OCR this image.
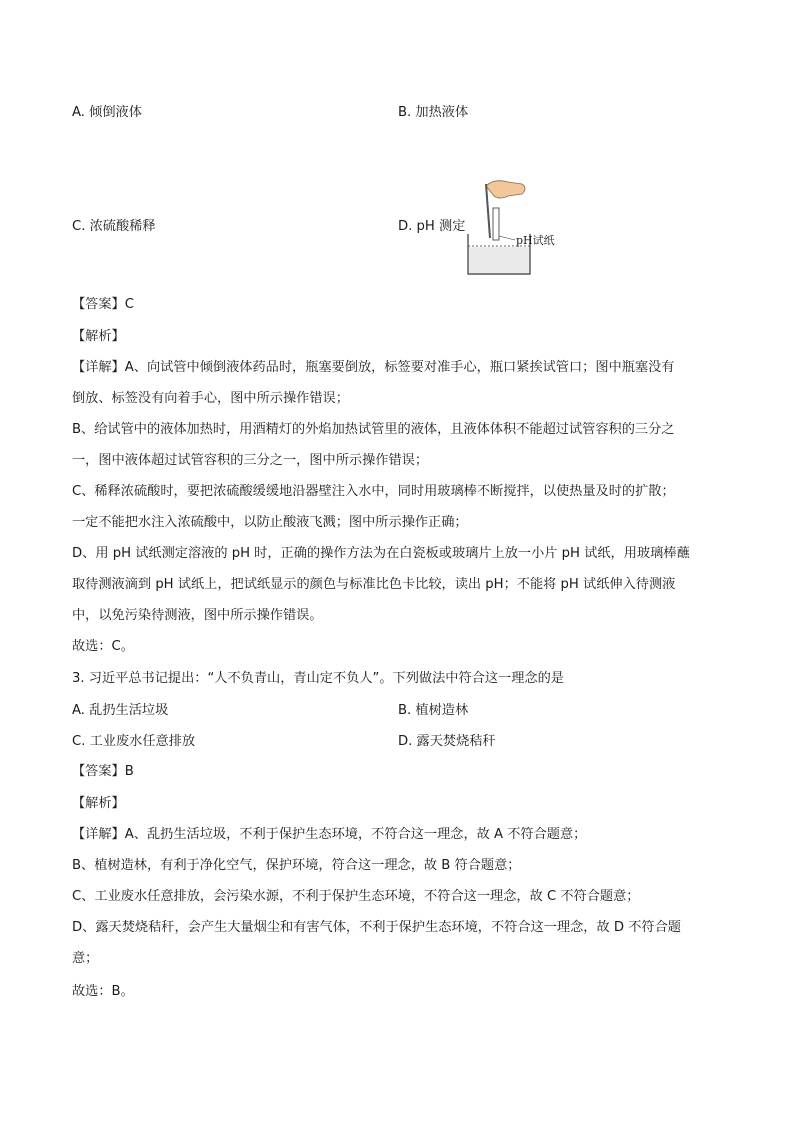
A. 倾倒液体	B. 加热液体
C. 浓硫酸稀释	D. pH 测定
pH试纸
【答案】C
【解析】
【详解】A、向试管中倾倒液体药品时，瓶塞要倒放，标签要对准手心，瓶口紧挨试管口；图中瓶塞没有
倒放、标签没有向着手心，图中所示操作错误；
B、给试管中的液体加热时，用酒精灯的外焰加热试管里的液体，且液体体积不能超过试管容积的三分之
一，图中液体超过试管容积的三分之一，图中所示操作错误；
C、稀释浓硫酸时，要把浓硫酸缓缓地沿器壁注入水中，同时用玻璃棒不断搅拌，以使热量及时的扩散；
一定不能把水注入浓硫酸中，以防止酸液飞溅；图中所示操作正确；
D、用 pH 试纸测定溶液的 pH 时，正确的操作方法为在白瓷板或玻璃片上放一小片 pH 试纸，用玻璃棒蘸
取待测液滴到 pH 试纸上，把试纸显示的颜色与标准比色卡比较，读出 pH；不能将 pH 试纸伸入待测液
中，以免污染待测液，图中所示操作错误。
故选：C。
3. 习近平总书记提出：“人不负青山，青山定不负人”。下列做法中符合这一理念的是
A. 乱扔生活垃圾	B. 植树造林
C. 工业废水任意排放	D. 露天焚烧秸秆
【答案】B
【解析】
【详解】A、乱扔生活垃圾，不利于保护生态环境，不符合这一理念，故 A 不符合题意；
B、植树造林，有利于净化空气，保护环境，符合这一理念，故 B 符合题意；
C、工业废水任意排放，会污染水源，不利于保护生态环境，不符合这一理念，故 C 不符合题意；
D、露天焚烧秸秆，会产生大量烟尘和有害气体，不利于保护生态环境，不符合这一理念，故 D 不符合题
意；
故选：B。
